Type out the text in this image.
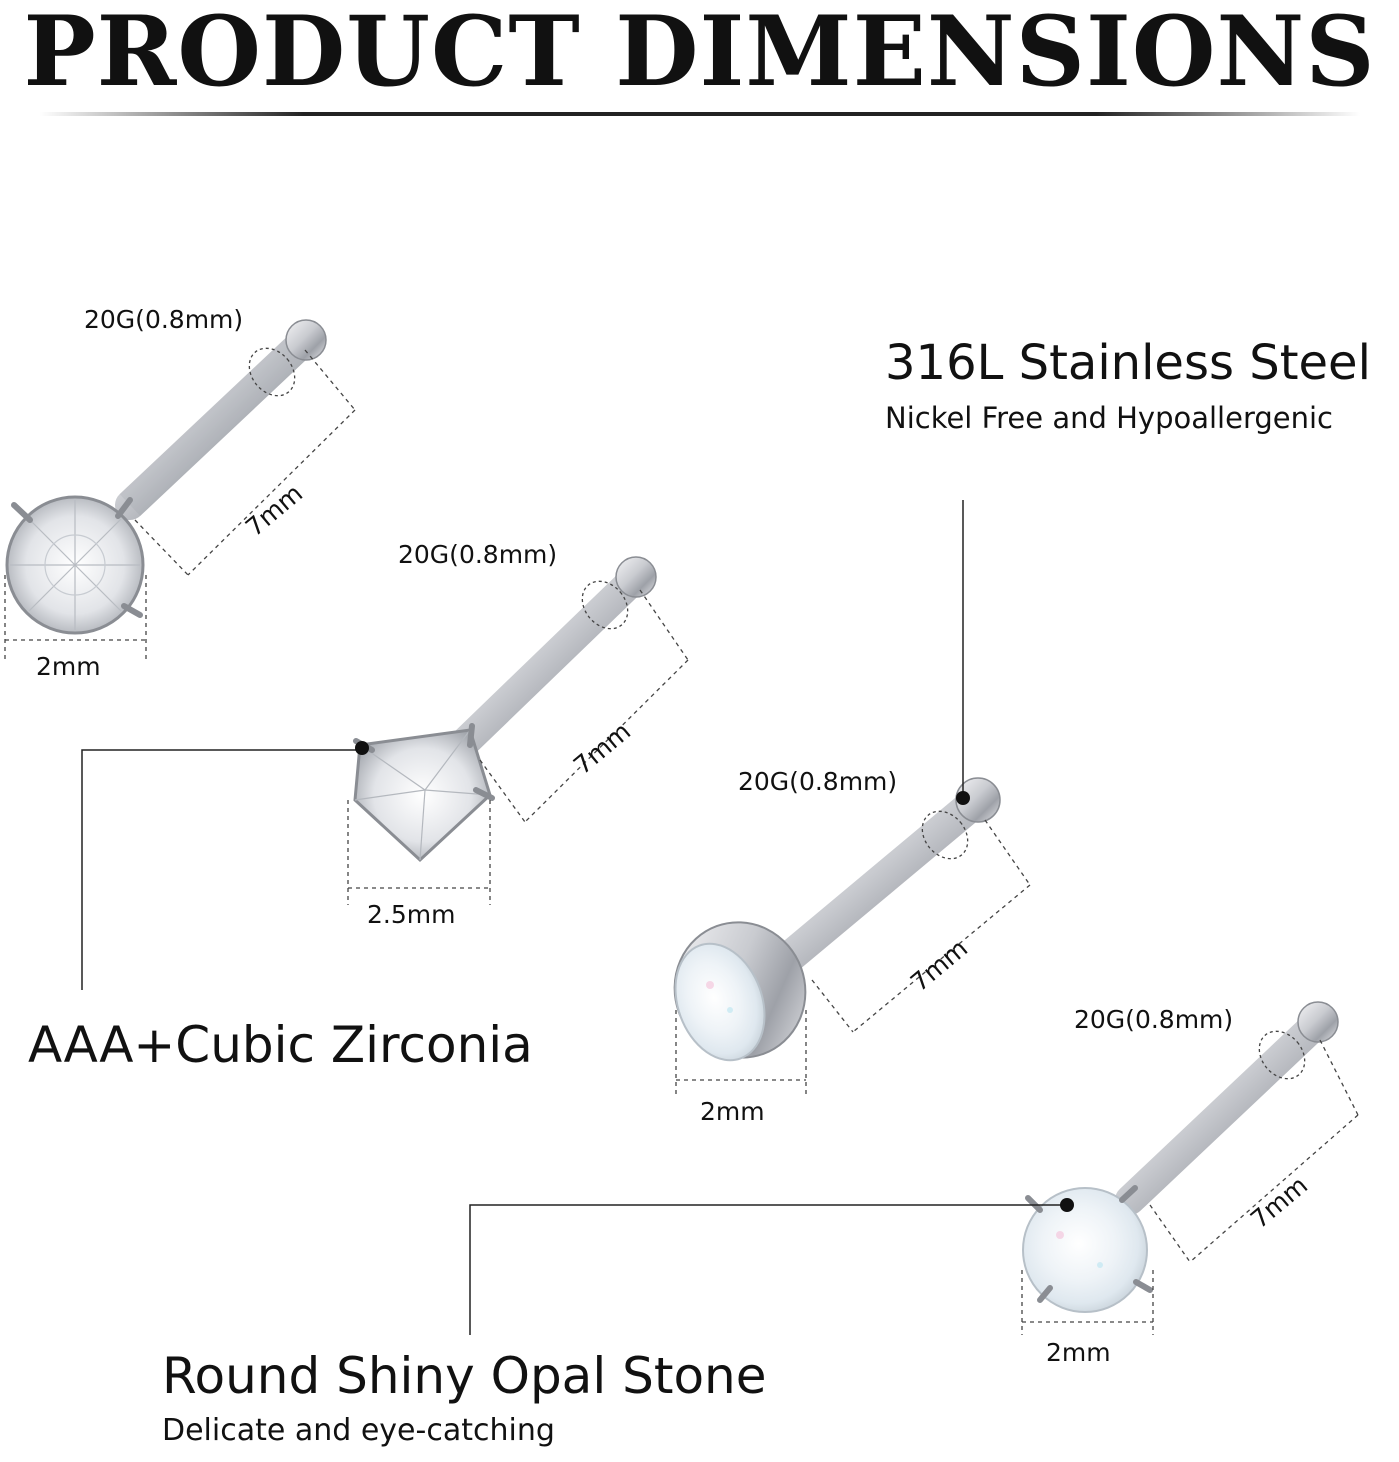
PRODUCT DIMENSIONS
20G(0.8mm)
7mm
2mm
20G(0.8mm)
7mm
2.5mm
20G(0.8mm)
7mm
2mm
20G(0.8mm)
7mm
2mm
316L Stainless Steel
Nickel Free and Hypoallergenic
AAA+Cubic Zirconia
Round Shiny Opal Stone
Delicate and eye-catching
